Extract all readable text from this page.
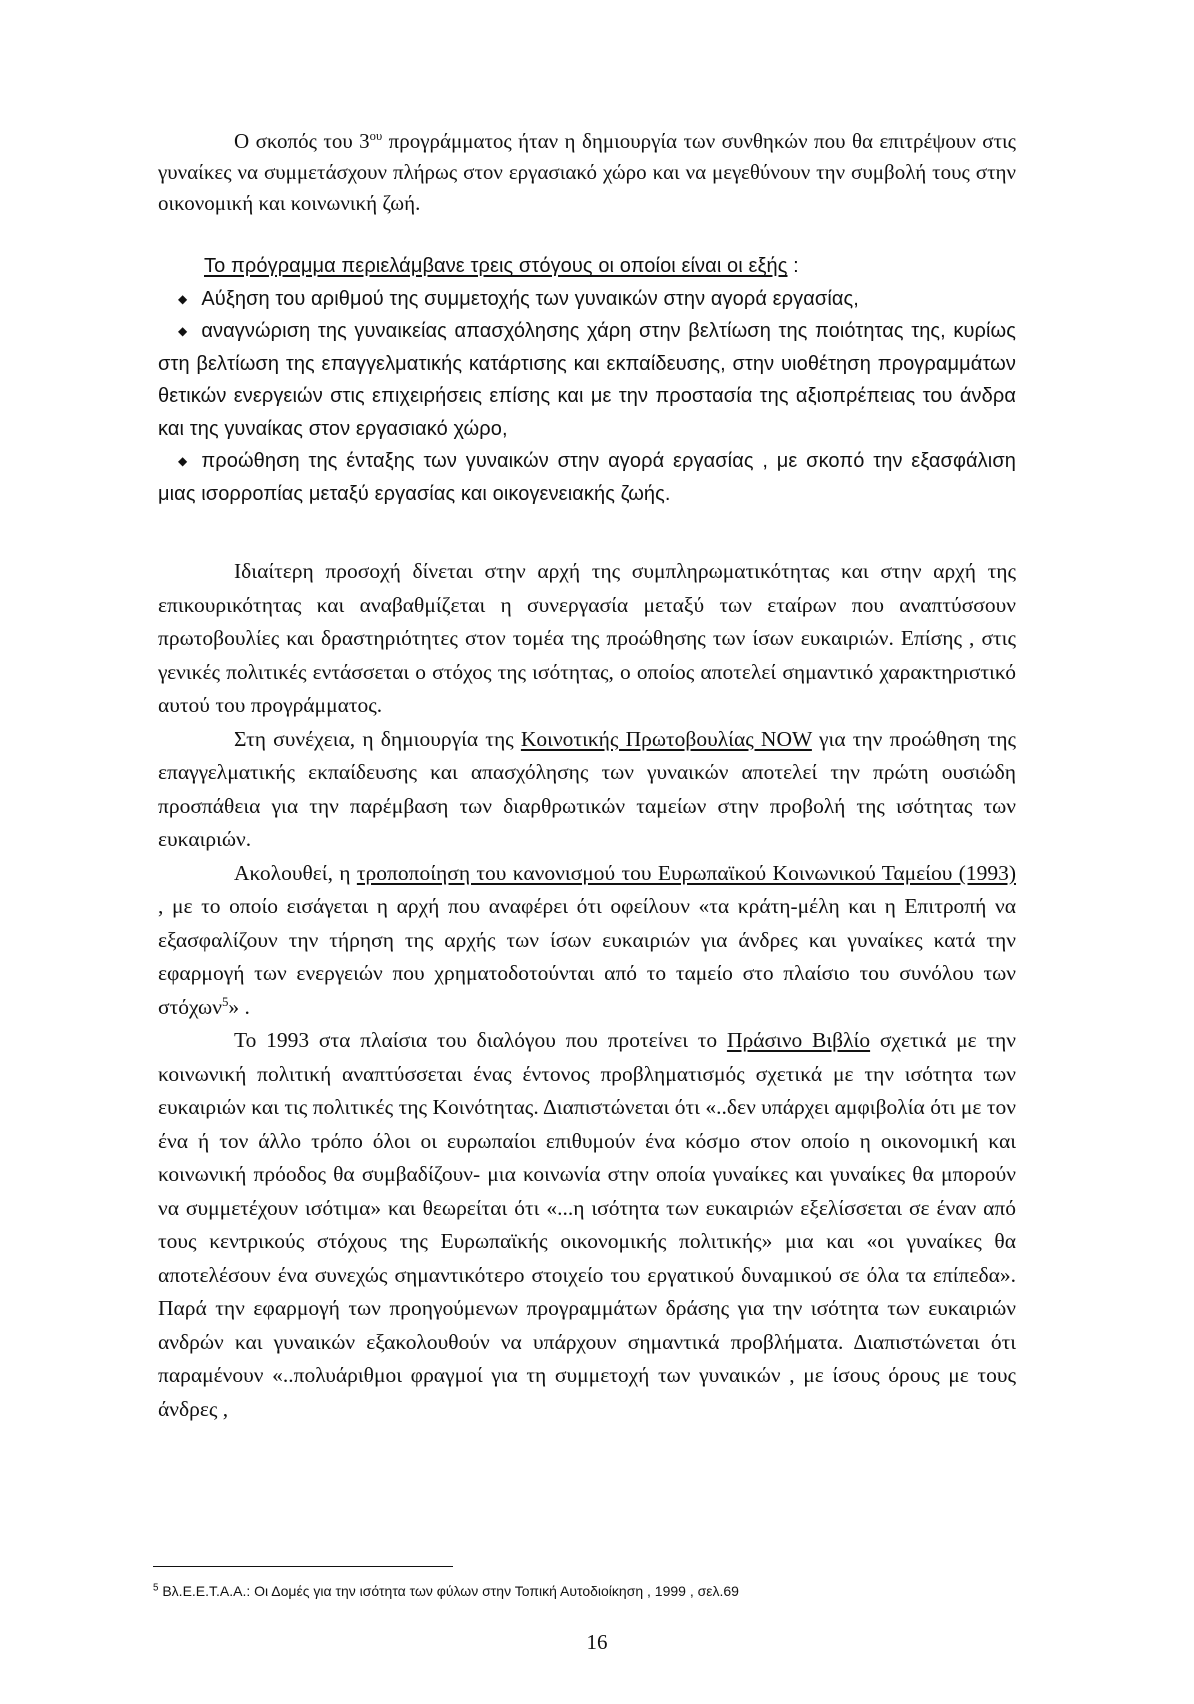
Ο σκοπός του $3^{o\upsilon}$ προγράμματος ήταν η δημιουργία των συνθηκών που θα επιτρέψουν στις γυναίκες να συμμετάσχουν πλήρως στον εργασιακό χώρο και να μεγεθύνουν την συμβολή τους στην οικονομική και κοινωνική ζωή.

Το πρόγραμμα περιελάμβανε τρεις στόγους οι οποίοι είναι οι εξής :

◆ Αύξηση του αριθμού της συμμετοχής των γυναικών στην αγορά εργασίας,

◆ αναγνώριση της γυναικείας απασχόλησης χάρη στην βελτίωση της ποιότητας της, κυρίως στη βελτίωση της επαγγελματικής κατάρτισης και εκπαίδευσης, στην υιοθέτηση προγραμμάτων θετικών ενεργειών στις επιχειρήσεις επίσης και με την προστασία της αξιοπρέπειας του άνδρα και της γυναίκας στον εργασιακό χώρο,

◆ προώθηση της ένταξης των γυναικών στην αγορά εργασίας , με σκοπό την εξασφάλιση μιας ισορροπίας μεταξύ εργασίας και οικογενειακής ζωής.

Ιδιαίτερη προσοχή δίνεται στην αρχή της συμπληρωματικότητας και στην αρχή της επικουρικότητας και αναβαθμίζεται η συνεργασία μεταξύ των εταίρων που αναπτύσσουν πρωτοβουλίες και δραστηριότητες στον τομέα της προώθησης των ίσων ευκαιριών. Επίσης , στις γενικές πολιτικές εντάσσεται ο στόχος της ισότητας, ο οποίος αποτελεί σημαντικό χαρακτηριστικό αυτού του προγράμματος.

Στη συνέχεια, η δημιουργία της Κοινοτικής Πρωτοβουλίας NOW για την προώθηση της επαγγελματικής εκπαίδευσης και απασχόλησης των γυναικών αποτελεί την πρώτη ουσιώδη προσπάθεια για την παρέμβαση των διαρθρωτικών ταμείων στην προβολή της ισότητας των ευκαιριών.

Ακολουθεί, η τροποποίηση του κανονισμού του Ευρωπαϊκού Κοινωνικού Ταμείου (1993) , με το οποίο εισάγεται η αρχή που αναφέρει ότι οφείλουν «τα κράτη-μέλη και η Επιτροπή να εξασφαλίζουν την τήρηση της αρχής των ίσων ευκαιριών για άνδρες και γυναίκες κατά την εφαρμογή των ενεργειών που χρηματοδοτούνται από το ταμείο στο πλαίσιο του συνόλου των στόχων$^5$» .

Το 1993 στα πλαίσια του διαλόγου που προτείνει το Πράσινο Βιβλίο σχετικά με την κοινωνική πολιτική αναπτύσσεται ένας έντονος προβληματισμός σχετικά με την ισότητα των ευκαιριών και τις πολιτικές της Κοινότητας. Διαπιστώνεται ότι «..δεν υπάρχει αμφιβολία ότι με τον ένα ή τον άλλο τρόπο όλοι οι ευρωπαίοι επιθυμούν ένα κόσμο στον οποίο η οικονομική και κοινωνική πρόοδος θα συμβαδίζουν- μια κοινωνία στην οποία γυναίκες και γυναίκες θα μπορούν να συμμετέχουν ισότιμα» και θεωρείται ότι «...η ισότητα των ευκαιριών εξελίσσεται σε έναν από τους κεντρικούς στόχους της Ευρωπαϊκής οικονομικής πολιτικής» μια και «οι γυναίκες θα αποτελέσουν ένα συνεχώς σημαντικότερο στοιχείο του εργατικού δυναμικού σε όλα τα επίπεδα». Παρά την εφαρμογή των προηγούμενων προγραμμάτων δράσης για την ισότητα των ευκαιριών ανδρών και γυναικών εξακολουθούν να υπάρχουν σημαντικά προβλήματα. Διαπιστώνεται ότι παραμένουν «..πολυάριθμοι φραγμοί για τη συμμετοχή των γυναικών , με ίσους όρους με τους άνδρες ,

$^5$ Βλ.Ε.Ε.Τ.Α.Α.: Οι Δομές για την ισότητα των φύλων στην Τοπική Αυτοδιοίκηση , 1999 , σελ.69
16
